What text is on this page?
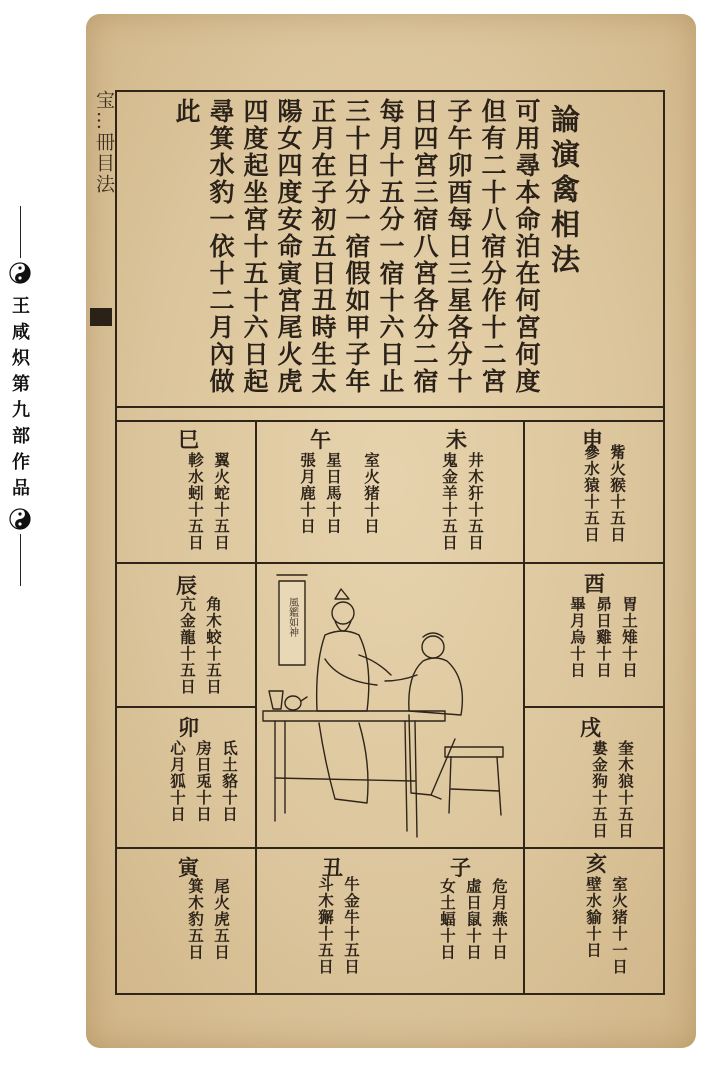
王
咸
炽
第
九
部
作
品
宝…冊目法	論演禽相法
可用尋本命泊在何宮何度
但有二十八宿分作十二宮
子午卯酉每日三星各分十
日四宮三宿八宮各分二宿
每月十五分一宿十六日止
三十日分一宿假如甲子年
正月在子初五日丑時生太
陽女四度安命寅宮尾火虎
四度起坐宮十五十六日起
尋箕水豹一依十二月內做
此
巳
翼火蛇十五日
軫水蚓十五日
午
室火猪十日
星日馬十日
張月鹿十日
未
井木犴十五日
鬼金羊十五日
申
觜火猴十五日
參水猿十五日
辰
角木蛟十五日
亢金龍十五日
酉
胃土雉十日
昴日雞十日
畢月烏十日
卯
氐土貉十日
房日兎十日
心月狐十日
戌
奎木狼十五日
婁金狗十五日
寅
尾火虎五日
箕木豹五日
丑
牛金牛十五日
斗木獬十五日
子
危月燕十日
虛日鼠十日
女土蝠十日
亥
室火猪十一日
壁水貐十日
風鑑如神
